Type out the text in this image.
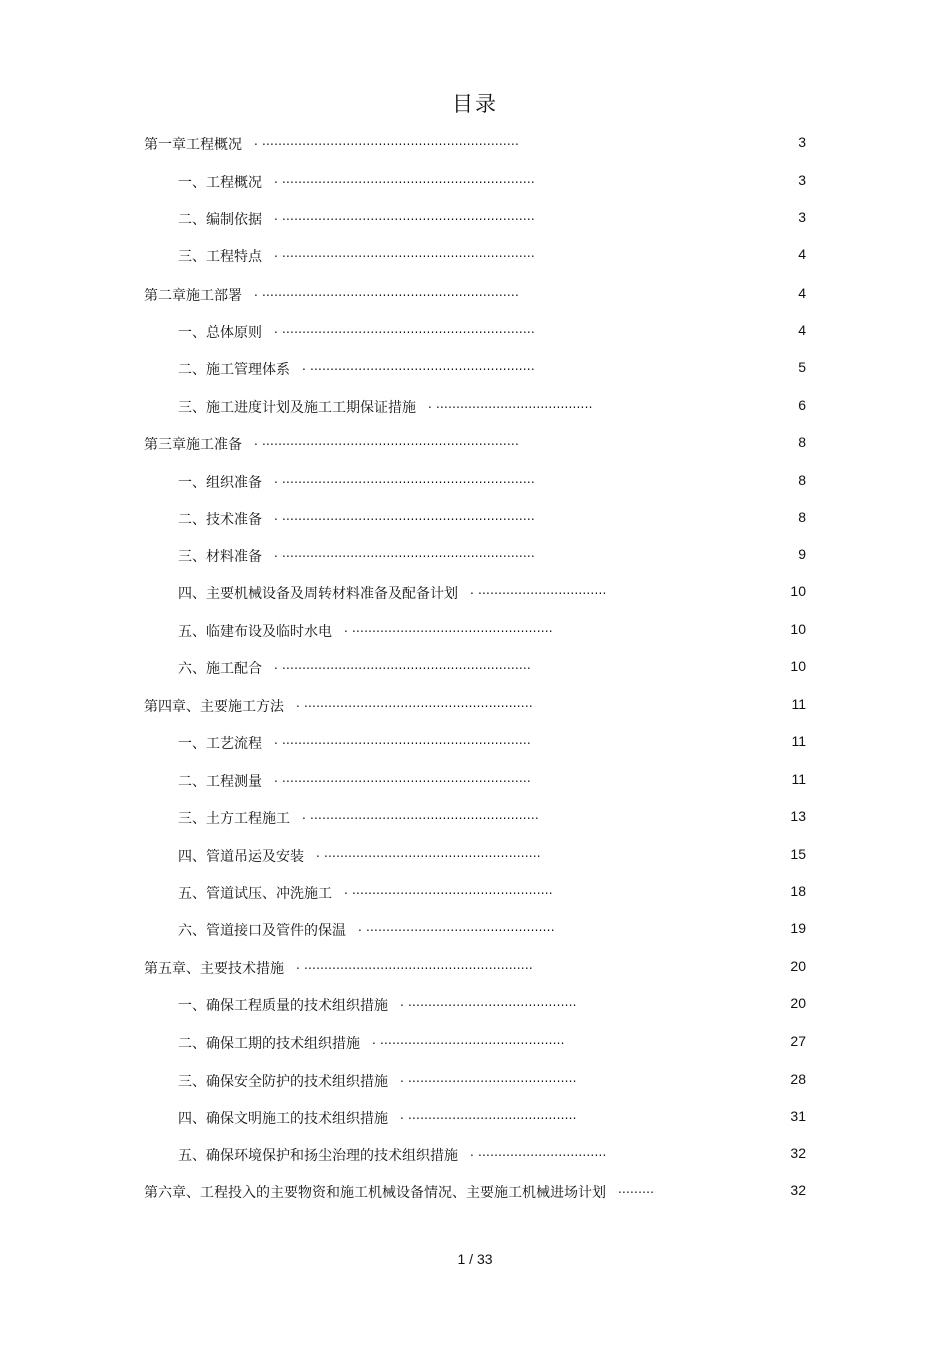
目录
第一章工程概况 . ................................................................	3
一、工程概况 . ...............................................................	3
二、编制依据 . ...............................................................	3
三、工程特点 . ...............................................................	4
第二章施工部署 . ................................................................	4
一、总体原则 . ...............................................................	4
二、施工管理体系 . ........................................................	5
三、施工进度计划及施工工期保证措施 . .......................................	6
第三章施工准备 . ................................................................	8
一、组织准备 . ...............................................................	8
二、技术准备 . ...............................................................	8
三、材料准备 . ...............................................................	9
四、主要机械设备及周转材料准备及配备计划 . ................................	10
五、临建布设及临时水电 . ..................................................	10
六、施工配合 . ..............................................................	10
第四章、主要施工方法 . .........................................................	11
一、工艺流程 . ..............................................................	11
二、工程测量 . ..............................................................	11
三、土方工程施工 . .........................................................	13
四、管道吊运及安装 . ......................................................	15
五、管道试压、冲洗施工 . ..................................................	18
六、管道接口及管件的保温 . ...............................................	19
第五章、主要技术措施 . .........................................................	20
一、确保工程质量的技术组织措施 . ..........................................	20
二、确保工期的技术组织措施 . ..............................................	27
三、确保安全防护的技术组织措施 . ..........................................	28
四、确保文明施工的技术组织措施 . ..........................................	31
五、确保环境保护和扬尘治理的技术组织措施 . ................................	32
第六章、工程投入的主要物资和施工机械设备情况、主要施工机械进场计划 .........	32
1 / 33
